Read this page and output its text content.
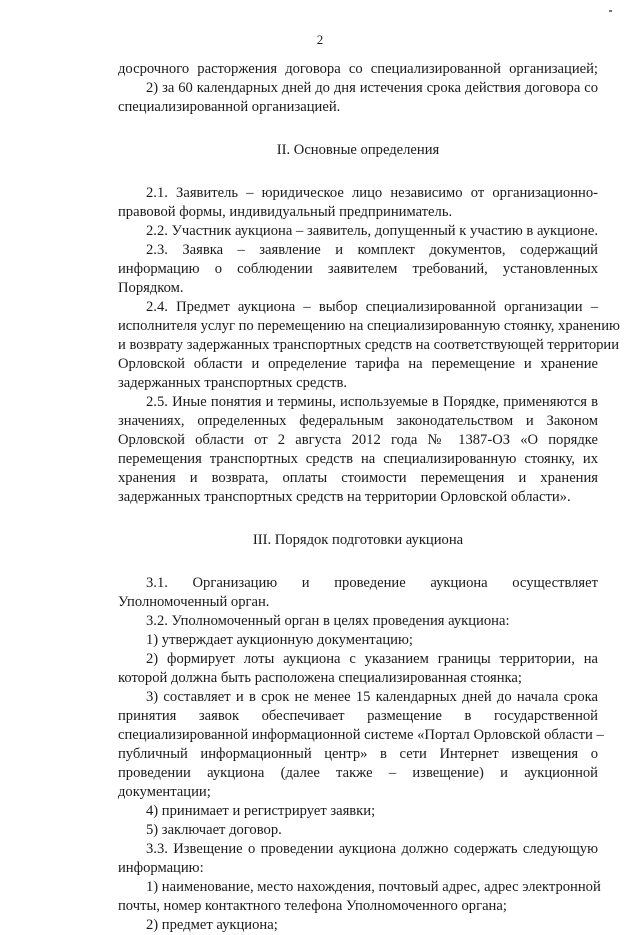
2
досрочного расторжения договора со специализированной организацией;
2) за 60 календарных дней до дня истечения срока действия договора со
специализированной организацией.
II. Основные определения
2.1. Заявитель – юридическое лицо независимо от организационно-
правовой формы, индивидуальный предприниматель.
2.2. Участник аукциона – заявитель, допущенный к участию в аукционе.
2.3. Заявка – заявление и комплект документов, содержащий
информацию о соблюдении заявителем требований, установленных
Порядком.
2.4. Предмет аукциона – выбор специализированной организации –
исполнителя услуг по перемещению на специализированную стоянку, хранению
и возврату задержанных транспортных средств на соответствующей территории
Орловской области и определение тарифа на перемещение и хранение
задержанных транспортных средств.
2.5. Иные понятия и термины, используемые в Порядке, применяются в
значениях, определенных федеральным законодательством и Законом
Орловской области от 2 августа 2012 года № 1387-ОЗ «О порядке
перемещения транспортных средств на специализированную стоянку, их
хранения и возврата, оплаты стоимости перемещения и хранения
задержанных транспортных средств на территории Орловской области».
III. Порядок подготовки аукциона
3.1. Организацию и проведение аукциона осуществляет
Уполномоченный орган.
3.2. Уполномоченный орган в целях проведения аукциона:
1) утверждает аукционную документацию;
2) формирует лоты аукциона с указанием границы территории, на
которой должна быть расположена специализированная стоянка;
3) составляет и в срок не менее 15 календарных дней до начала срока
принятия заявок обеспечивает размещение в государственной
специализированной информационной системе «Портал Орловской области –
публичный информационный центр» в сети Интернет извещения о
проведении аукциона (далее также – извещение) и аукционной
документации;
4) принимает и регистрирует заявки;
5) заключает договор.
3.3. Извещение о проведении аукциона должно содержать следующую
информацию:
1) наименование, место нахождения, почтовый адрес, адрес электронной
почты, номер контактного телефона Уполномоченного органа;
2) предмет аукциона;
